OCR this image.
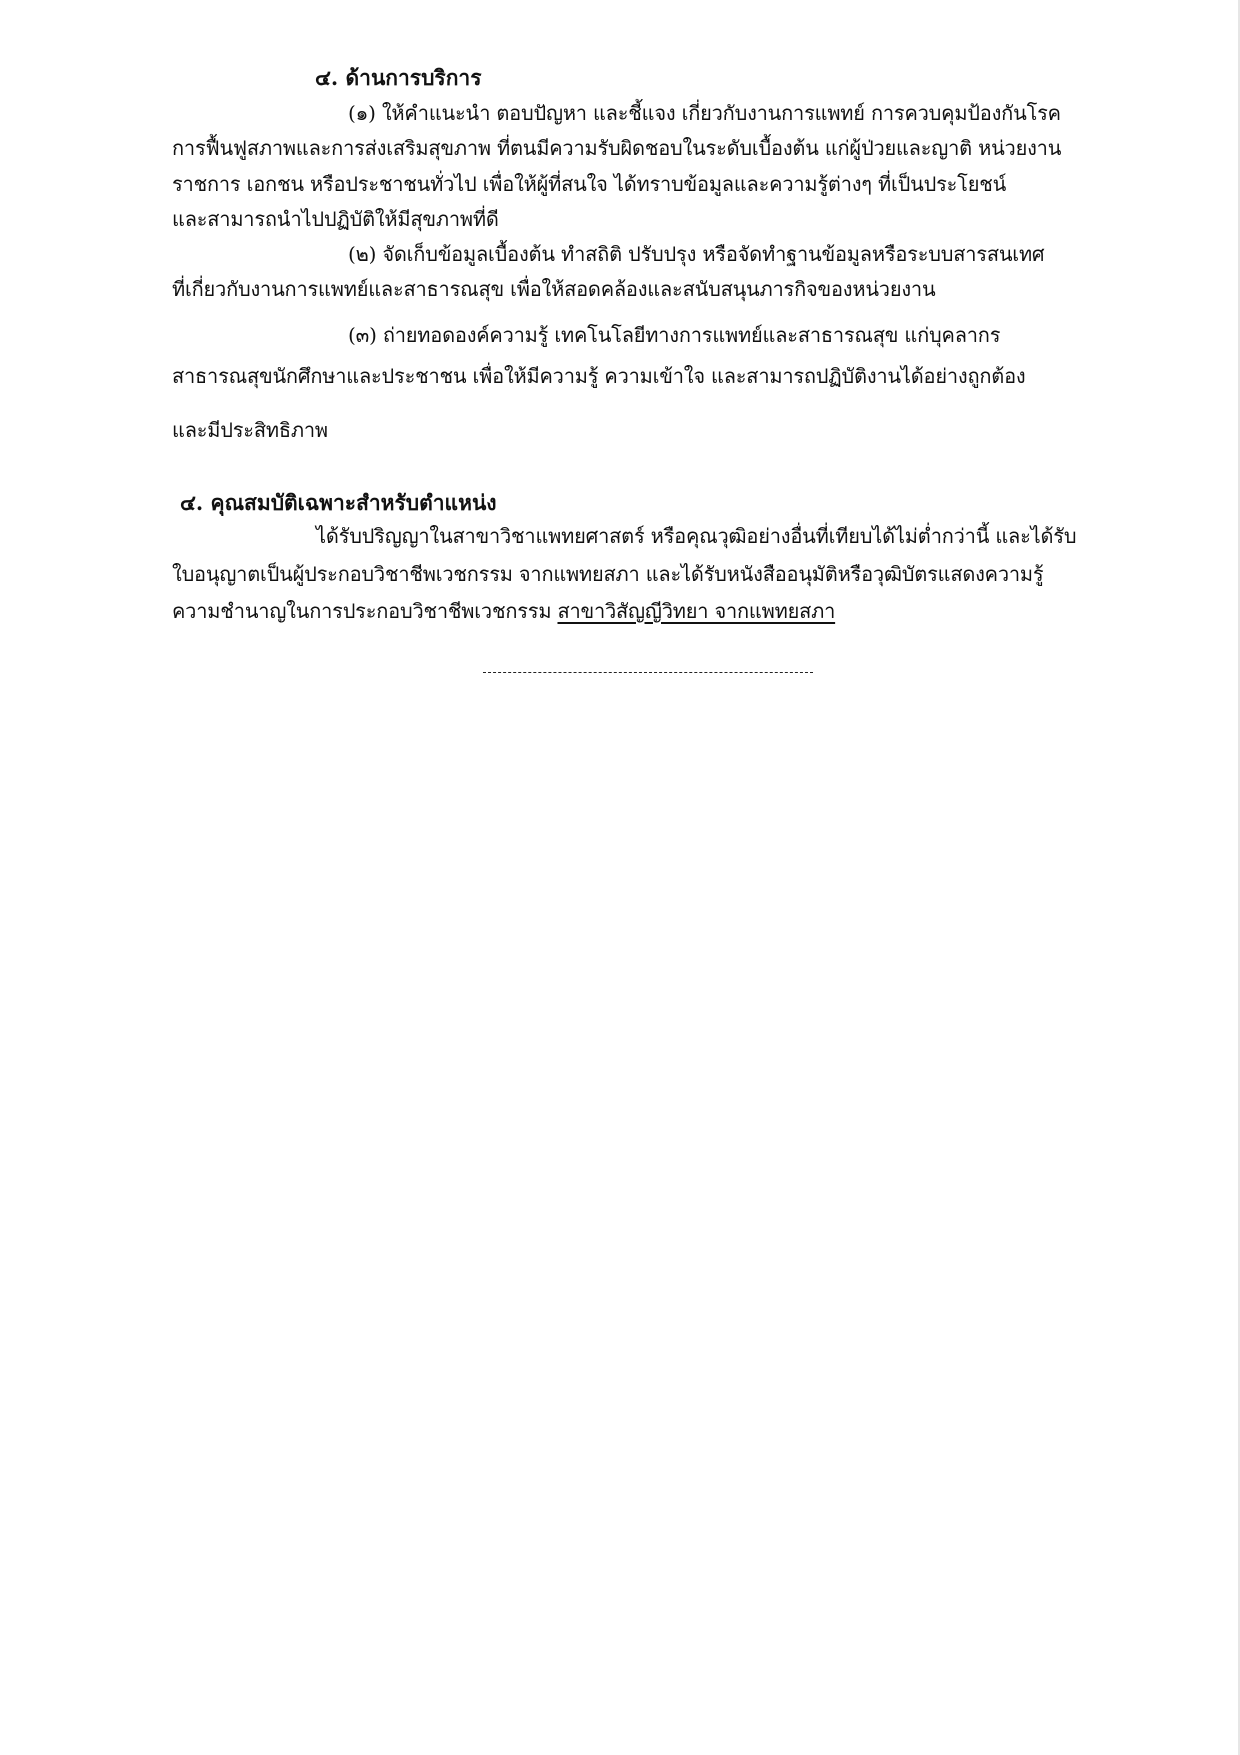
๔. ด้านการบริการ
(๑) ให้คำแนะนำ ตอบปัญหา และชี้แจง เกี่ยวกับงานการแพทย์ การควบคุมป้องกันโรค
การฟื้นฟูสภาพและการส่งเสริมสุขภาพ ที่ตนมีความรับผิดชอบในระดับเบื้องต้น แก่ผู้ป่วยและญาติ หน่วยงาน
ราชการ เอกชน หรือประชาชนทั่วไป เพื่อให้ผู้ที่สนใจ ได้ทราบข้อมูลและความรู้ต่างๆ ที่เป็นประโยชน์
และสามารถนำไปปฏิบัติให้มีสุขภาพที่ดี
(๒) จัดเก็บข้อมูลเบื้องต้น ทำสถิติ ปรับปรุง หรือจัดทำฐานข้อมูลหรือระบบสารสนเทศ
ที่เกี่ยวกับงานการแพทย์และสาธารณสุข เพื่อให้สอดคล้องและสนับสนุนภารกิจของหน่วยงาน
(๓) ถ่ายทอดองค์ความรู้ เทคโนโลยีทางการแพทย์และสาธารณสุข แก่บุคลากร
สาธารณสุขนักศึกษาและประชาชน เพื่อให้มีความรู้ ความเข้าใจ และสามารถปฏิบัติงานได้อย่างถูกต้อง
และมีประสิทธิภาพ
๔. คุณสมบัติเฉพาะสำหรับตำแหน่ง
ได้รับปริญญาในสาขาวิชาแพทยศาสตร์ หรือคุณวุฒิอย่างอื่นที่เทียบได้ไม่ต่ำกว่านี้ และได้รับ
ใบอนุญาตเป็นผู้ประกอบวิชาชีพเวชกรรม จากแพทยสภา และได้รับหนังสืออนุมัติหรือวุฒิบัตรแสดงความรู้
ความชำนาญในการประกอบวิชาชีพเวชกรรม สาขาวิสัญญีวิทยา จากแพทยสภา
